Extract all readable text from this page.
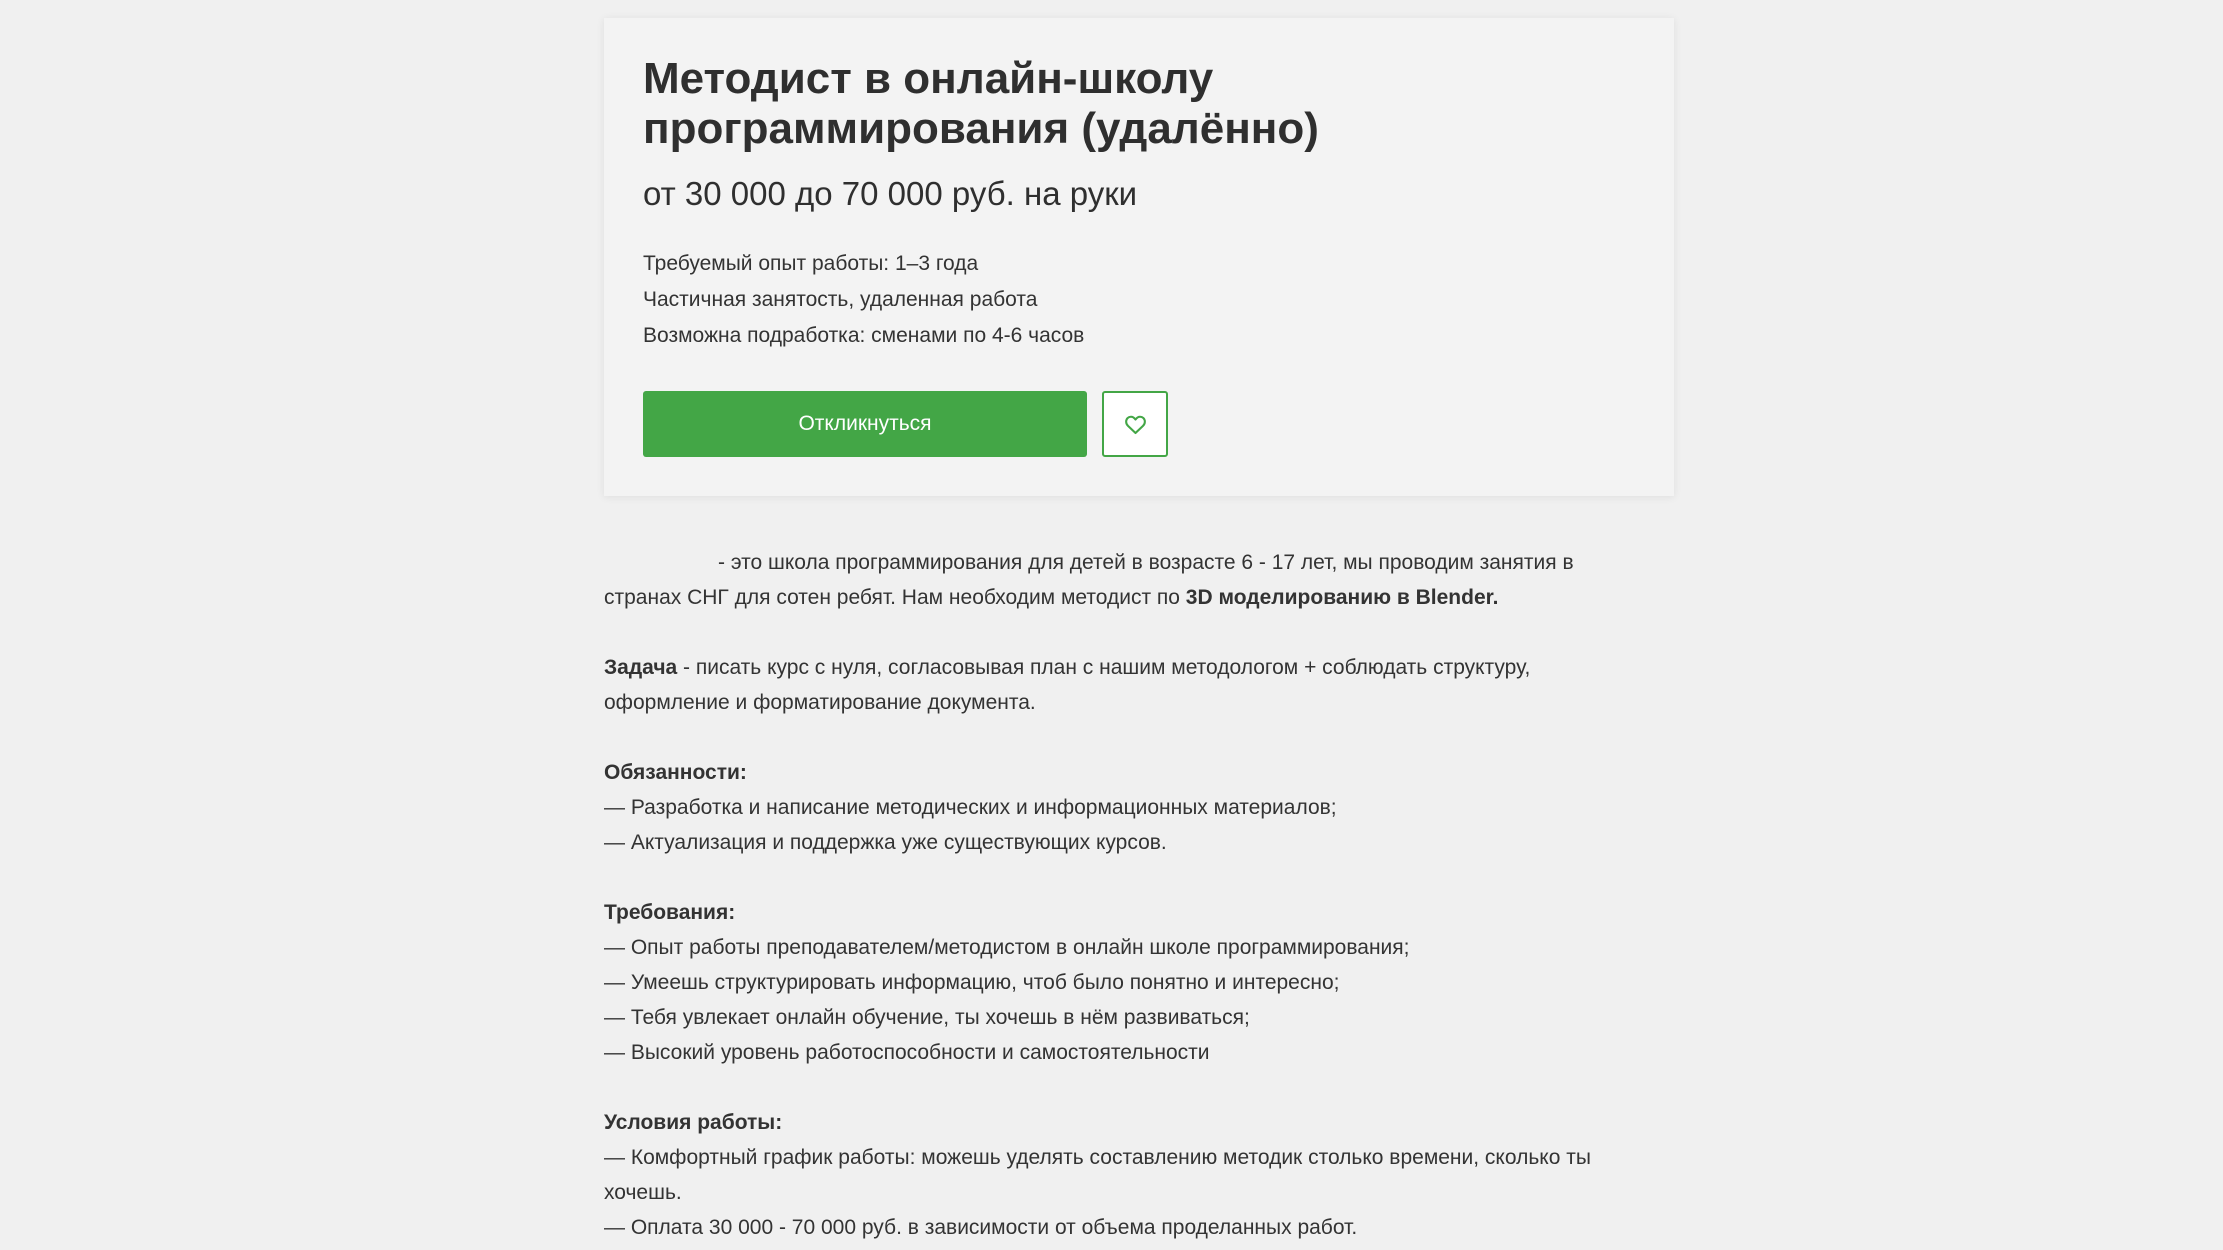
Методист в онлайн-школу
программирования (удалённо)
от 30 000 до 70 000 руб. на руки
Требуемый опыт работы: 1–3 года
Частичная занятость, удаленная работа
Возможна подработка: сменами по 4-6 часов
Откликнуться

- это школа программирования для детей в возрасте 6 - 17 лет, мы проводим занятия в

странах СНГ для сотен ребят. Нам необходим методист по 3D моделированию в Blender.

Задача - писать курс с нуля, согласовывая план с нашим методологом + соблюдать структуру,

оформление и форматирование документа.

Обязанности:

— Разработка и написание методических и информационных материалов;

— Актуализация и поддержка уже существующих курсов.

Требования:

— Опыт работы преподавателем/методистом в онлайн школе программирования;

— Умеешь структурировать информацию, чтоб было понятно и интересно;

— Тебя увлекает онлайн обучение, ты хочешь в нём развиваться;

— Высокий уровень работоспособности и самостоятельности

Условия работы:

— Комфортный график работы: можешь уделять составлению методик столько времени, сколько ты

хочешь.

— Оплата 30 000 - 70 000 руб. в зависимости от объема проделанных работ.
